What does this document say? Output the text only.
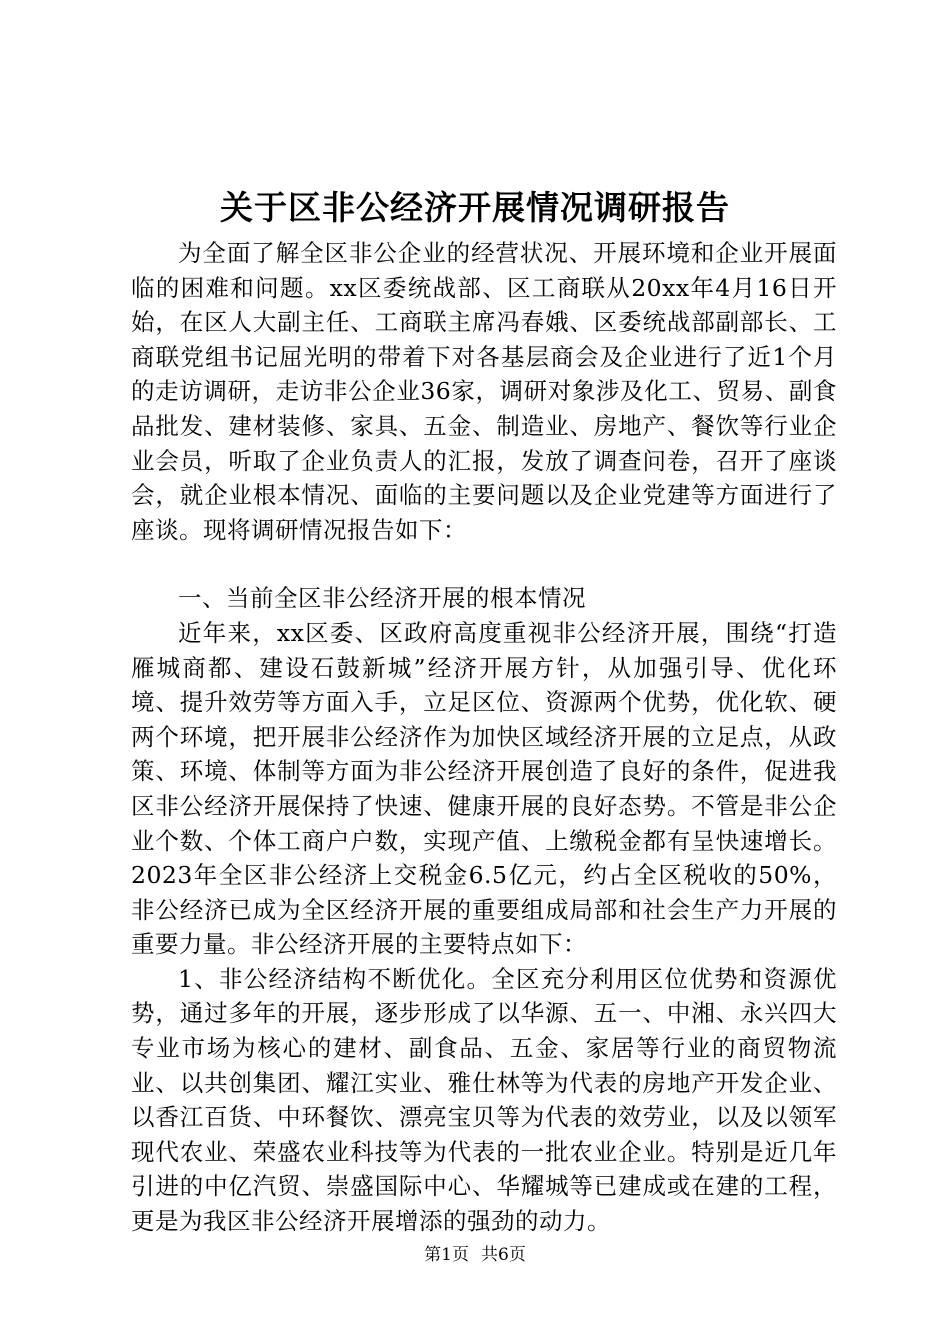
关于区非公经济开展情况调研报告

为全面了解全区非公企业的经营状况、开展环境和企业开展面临的困难和问题。xx区委统战部、区工商联从20xx年4月16日开始，在区人大副主任、工商联主席冯春娥、区委统战部副部长、工商联党组书记屈光明的带着下对各基层商会及企业进行了近1个月的走访调研，走访非公企业36家，调研对象涉及化工、贸易、副食品批发、建材装修、家具、五金、制造业、房地产、餐饮等行业企业会员，听取了企业负责人的汇报，发放了调查问卷，召开了座谈会，就企业根本情况、面临的主要问题以及企业党建等方面进行了座谈。现将调研情况报告如下：

一、当前全区非公经济开展的根本情况

近年来，xx区委、区政府高度重视非公经济开展，围绕“打造雁城商都、建设石鼓新城”经济开展方针，从加强引导、优化环境、提升效劳等方面入手，立足区位、资源两个优势，优化软、硬两个环境，把开展非公经济作为加快区域经济开展的立足点，从政策、环境、体制等方面为非公经济开展创造了良好的条件，促进我区非公经济开展保持了快速、健康开展的良好态势。不管是非公企业个数、个体工商户户数，实现产值、上缴税金都有呈快速增长。2023年全区非公经济上交税金6.5亿元，约占全区税收的50%，非公经济已成为全区经济开展的重要组成局部和社会生产力开展的重要力量。非公经济开展的主要特点如下：

1、非公经济结构不断优化。全区充分利用区位优势和资源优势，通过多年的开展，逐步形成了以华源、五一、中湘、永兴四大专业市场为核心的建材、副食品、五金、家居等行业的商贸物流业、以共创集团、耀江实业、雅仕林等为代表的房地产开发企业、以香江百货、中环餐饮、漂亮宝贝等为代表的效劳业，以及以领军现代农业、荣盛农业科技等为代表的一批农业企业。特别是近几年引进的中亿汽贸、崇盛国际中心、华耀城等已建成或在建的工程，更是为我区非公经济开展增添的强劲的动力。

第1页 共6页
